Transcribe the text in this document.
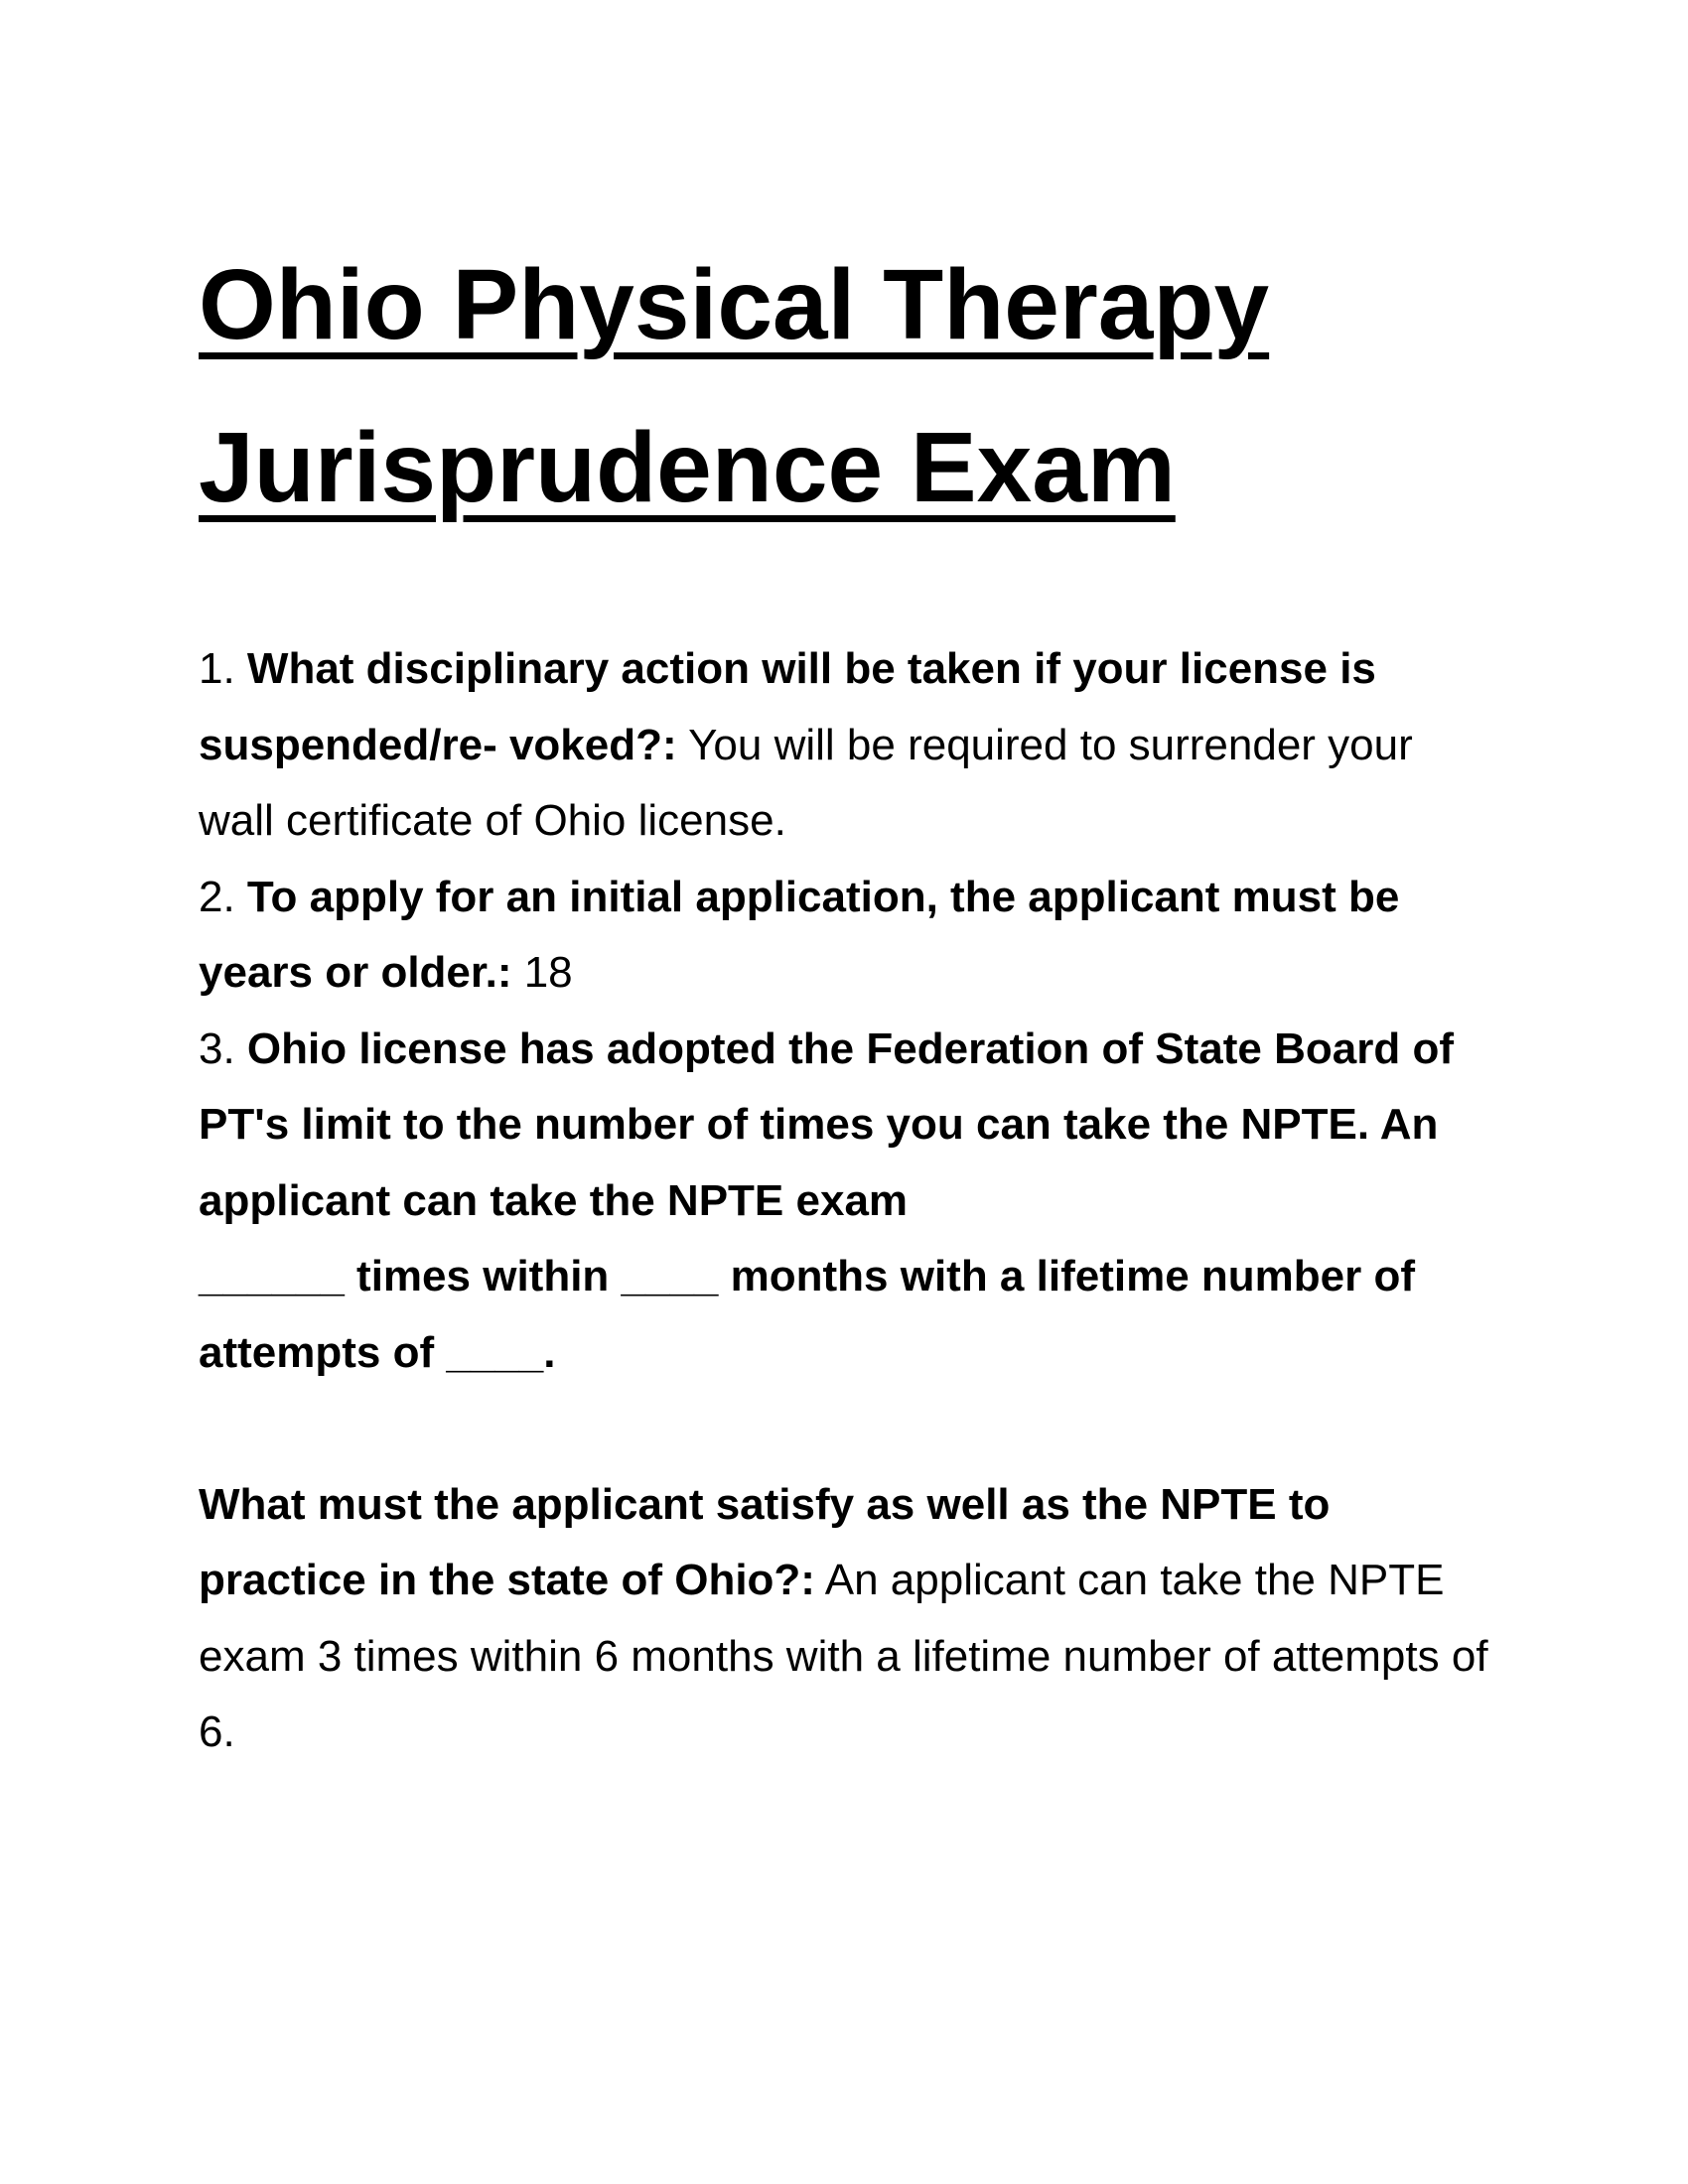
Ohio Physical Therapy
Jurisprudence Exam

1. What disciplinary action will be taken if your license is suspended/re- voked?: You will be required to surrender your wall certificate of Ohio license.

2. To apply for an initial application, the applicant must be years or older.: 18

3. Ohio license has adopted the Federation of State Board of PT's limit to the number of times you can take the NPTE. An applicant can take the NPTE exam
______ times within ____ months with a lifetime number of attempts of ____.

What must the applicant satisfy as well as the NPTE to practice in the state of Ohio?: An applicant can take the NPTE exam 3 times within 6 months with a lifetime number of attempts of 6.
